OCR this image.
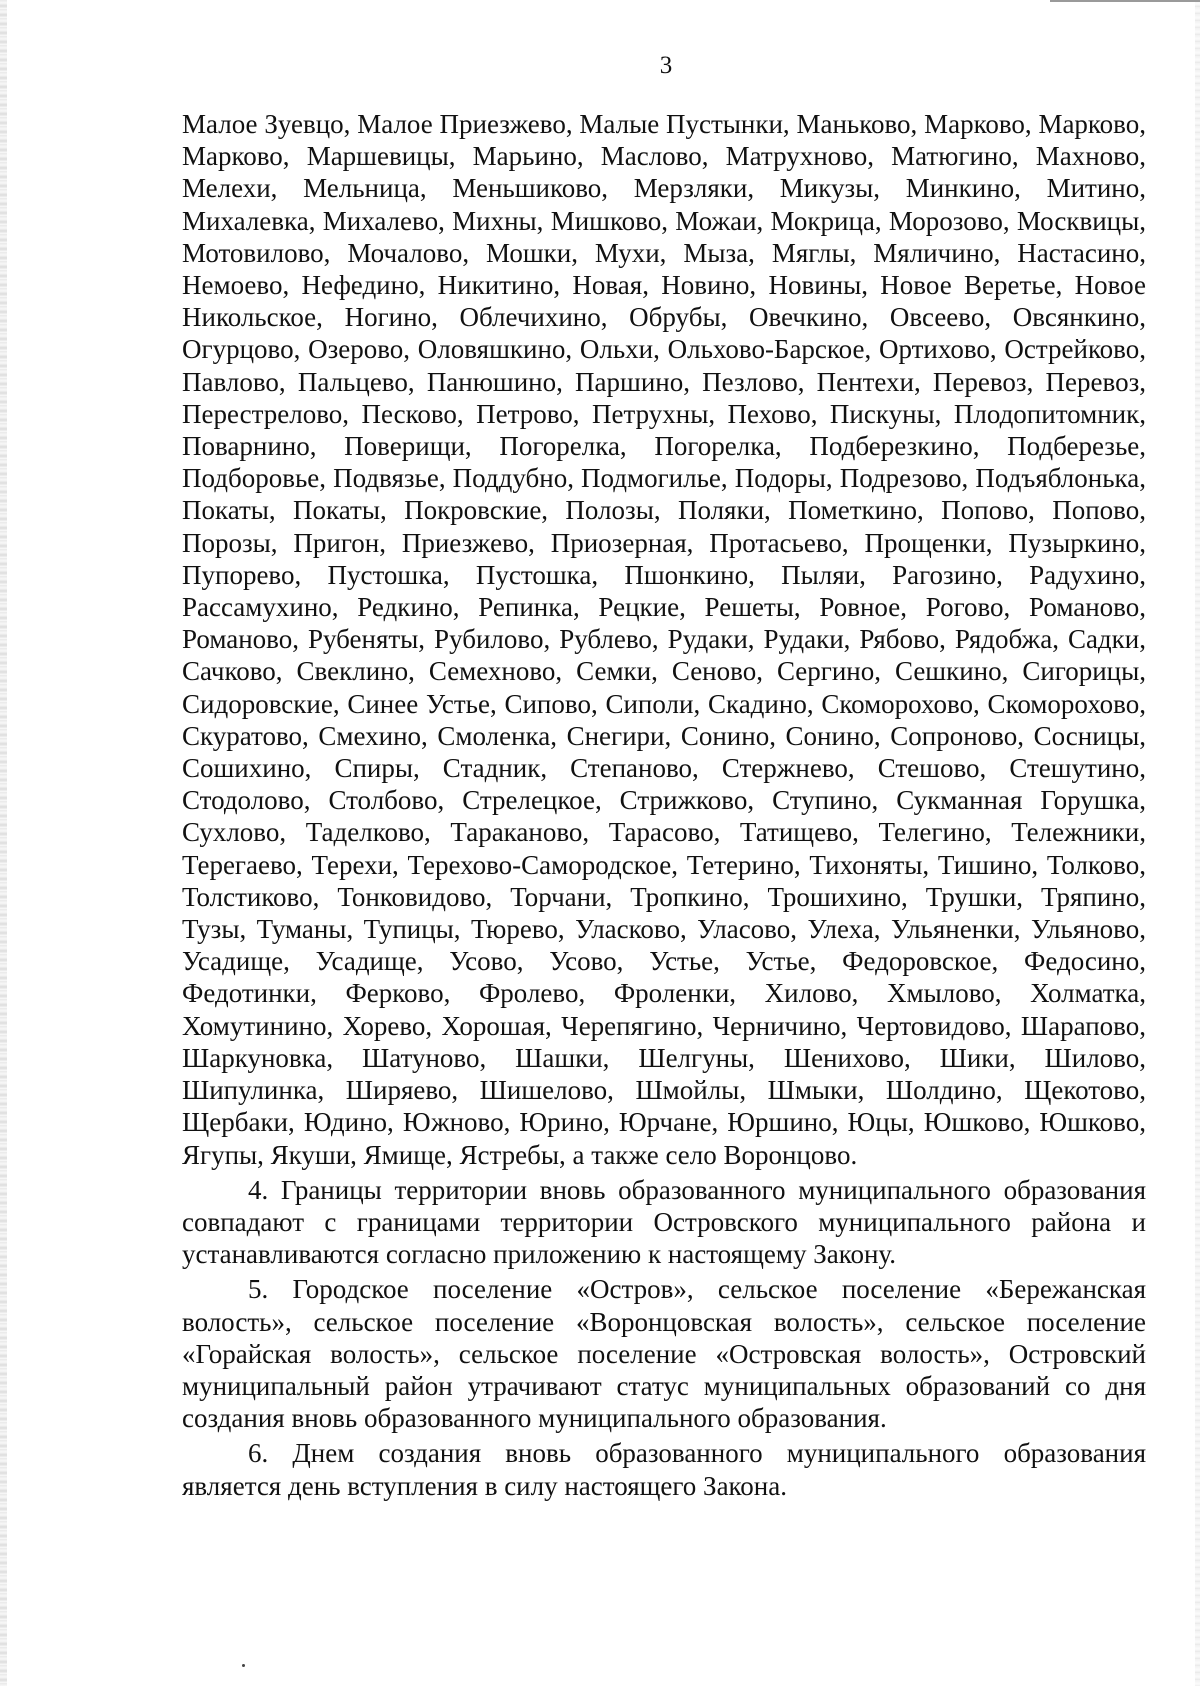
3

Малое Зуевцо, Малое Приезжево, Малые Пустынки, Маньково, Марково, Марково, Марково, Маршевицы, Марьино, Маслово, Матрухново, Матюгино, Махново, Мелехи, Мельница, Меньшиково, Мерзляки, Микузы, Минкино, Митино, Михалевка, Михалево, Михны, Мишково, Можаи, Мокрица, Морозово, Москвицы, Мотовилово, Мочалово, Мошки, Мухи, Мыза, Мяглы, Мяличино, Настасино, Немоево, Нефедино, Никитино, Новая, Новино, Новины, Новое Веретье, Новое Никольское, Ногино, Облечихино, Обрубы, Овечкино, Овсеево, Овсянкино, Огурцово, Озерово, Оловяшкино, Ольхи, Ольхово-Барское, Ортихово, Острейково, Павлово, Пальцево, Панюшино, Паршино, Пезлово, Пентехи, Перевоз, Перевоз, Перестрелово, Песково, Петрово, Петрухны, Пехово, Пискуны, Плодопитомник, Поварнино, Поверищи, Погорелка, Погорелка, Подберезкино, Подберезье, Подборовье, Подвязье, Поддубно, Подмогилье, Подоры, Подрезово, Подъяблонька, Покаты, Покаты, Покровские, Полозы, Поляки, Пометкино, Попово, Попово, Порозы, Пригон, Приезжево, Приозерная, Протасьево, Прощенки, Пузыркино, Пупорево, Пустошка, Пустошка, Пшонкино, Пыляи, Рагозино, Радухино, Рассамухино, Редкино, Репинка, Рецкие, Решеты, Ровное, Рогово, Романово, Романово, Рубеняты, Рубилово, Рублево, Рудаки, Рудаки, Рябово, Рядобжа, Садки, Сачково, Свеклино, Семехново, Семки, Сеново, Сергино, Сешкино, Сигорицы, Сидоровские, Синее Устье, Сипово, Сиполи, Скадино, Скоморохово, Скоморохово, Скуратово, Смехино, Смоленка, Снегири, Сонино, Сонино, Сопроново, Сосницы, Сошихино, Спиры, Стадник, Степаново, Стержнево, Стешово, Стешутино, Стодолово, Столбово, Стрелецкое, Стрижково, Ступино, Сукманная Горушка, Сухлово, Таделково, Тараканово, Тарасово, Татищево, Телегино, Тележники, Терегаево, Терехи, Терехово-Самородское, Тетерино, Тихоняты, Тишино, Толково, Толстиково, Тонковидово, Торчани, Тропкино, Трошихино, Трушки, Тряпино, Тузы, Туманы, Тупицы, Тюрево, Уласково, Уласово, Улеха, Ульяненки, Ульяново, Усадище, Усадище, Усово, Усово, Устье, Устье, Федоровское, Федосино, Федотинки, Ферково, Фролево, Фроленки, Хилово, Хмылово, Холматка, Хомутинино, Хорево, Хорошая, Черепягино, Черничино, Чертовидово, Шарапово, Шаркуновка, Шатуново, Шашки, Шелгуны, Шенихово, Шики, Шилово, Шипулинка, Ширяево, Шишелово, Шмойлы, Шмыки, Шолдино, Щекотово, Щербаки, Юдино, Южново, Юрино, Юрчане, Юршино, Юцы, Юшково, Юшково, Ягупы, Якуши, Ямище, Ястребы, а также село Воронцово.

4. Границы территории вновь образованного муниципального образования совпадают с границами территории Островского муниципального района и устанавливаются согласно приложению к настоящему Закону.

5. Городское поселение «Остров», сельское поселение «Бережанская волость», сельское поселение «Воронцовская волость», сельское поселение «Горайская волость», сельское поселение «Островская волость», Островский муниципальный район утрачивают статус муниципальных образований со дня создания вновь образованного муниципального образования.

6. Днем создания вновь образованного муниципального образования является день вступления в силу настоящего Закона.
